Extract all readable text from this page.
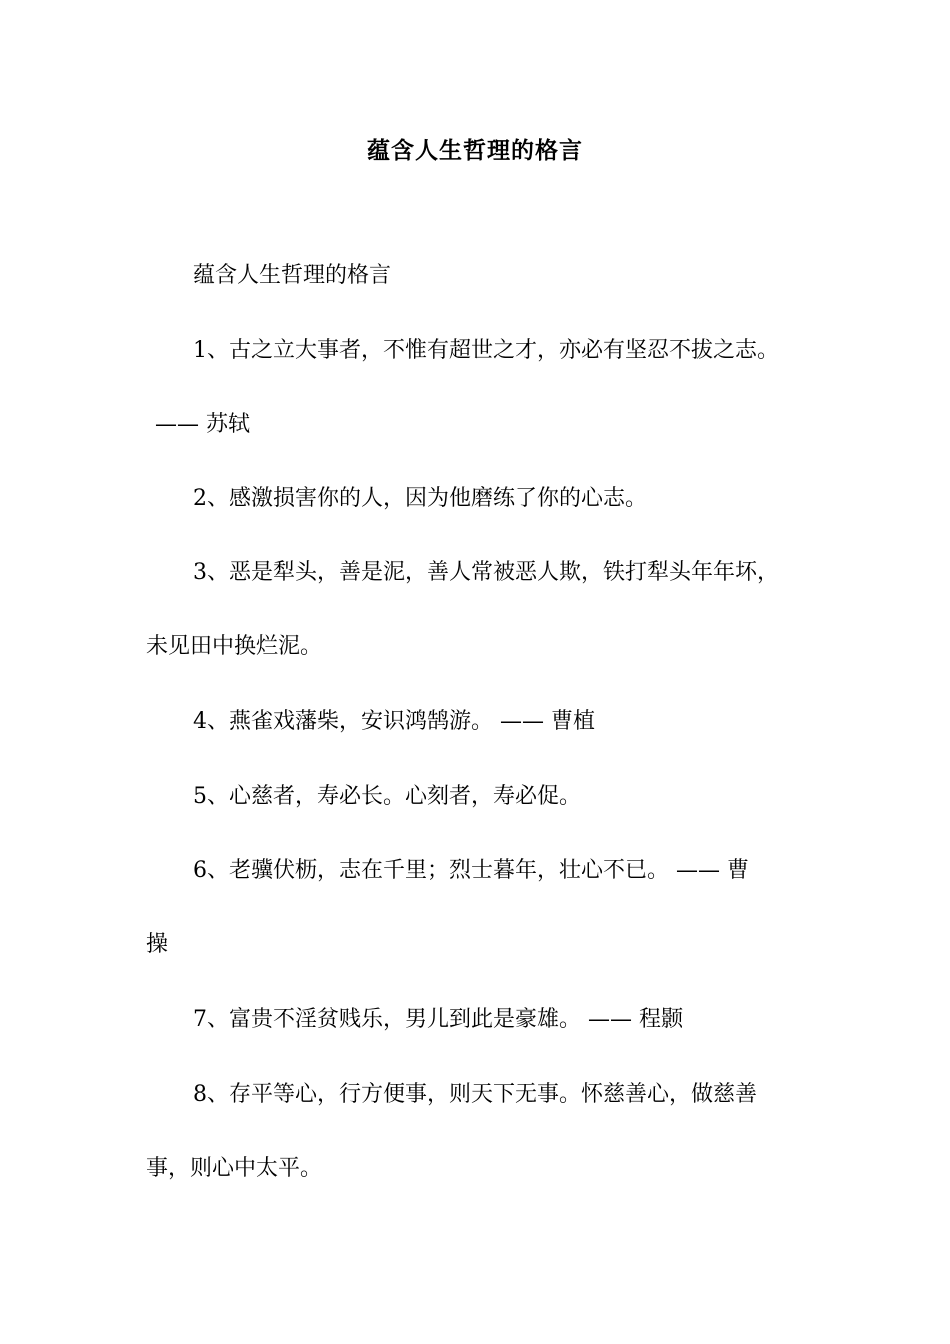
蕴含人生哲理的格言
蕴含人生哲理的格言
1、古之立大事者，不惟有超世之才，亦必有坚忍不拔之志。
—— 苏轼
2、感激损害你的人，因为他磨练了你的心志。
3、恶是犁头，善是泥，善人常被恶人欺，铁打犁头年年坏，
未见田中换烂泥。
4、燕雀戏藩柴，安识鸿鹄游。 —— 曹植
5、心慈者，寿必长。心刻者，寿必促。
6、老骥伏枥，志在千里；烈士暮年，壮心不已。 —— 曹
操
7、富贵不淫贫贱乐，男儿到此是豪雄。 —— 程颢
8、存平等心，行方便事，则天下无事。怀慈善心，做慈善
事，则心中太平。
